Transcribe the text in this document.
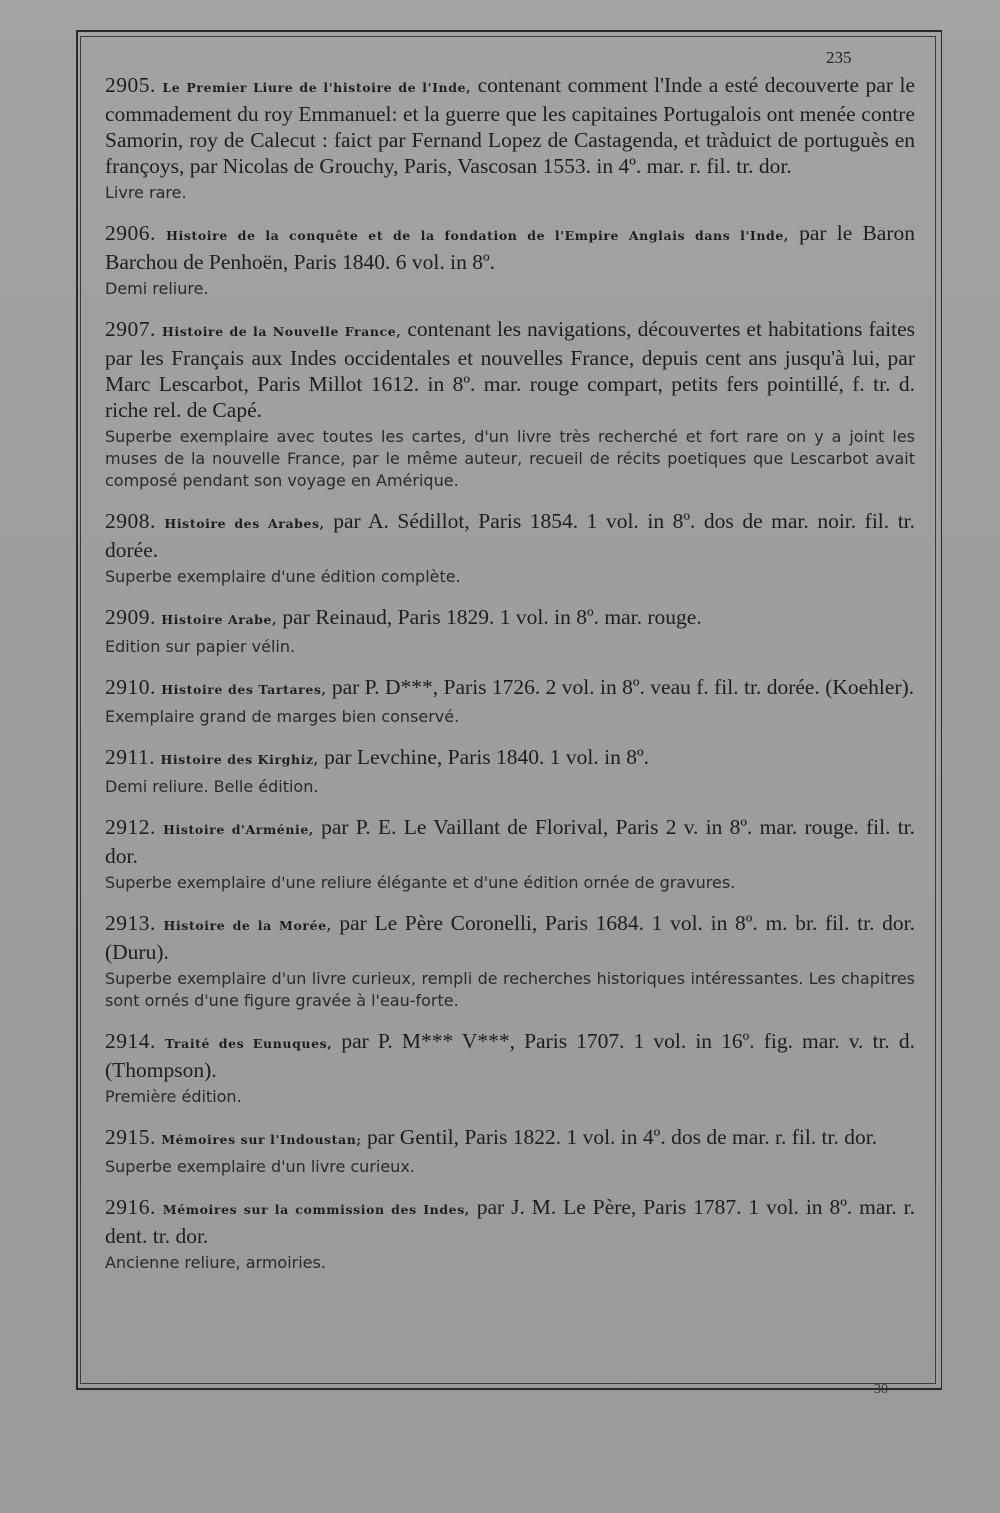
235

2905. Le Premier Liure de l'histoire de l'Inde, contenant comment l'Inde a esté decouverte par le commadement du roy Emmanuel: et la guerre que les capitaines Portugalois ont menée contre Samorin, roy de Calecut : faict par Fernand Lopez de Castagenda, et tràduict de portuguès en françoys, par Nicolas de Grouchy, Paris, Vascosan 1553. in 4º. mar. r. fil. tr. dor.

Livre rare.

2906. Histoire de la conquête et de la fondation de l'Empire Anglais dans l'Inde, par le Baron Barchou de Penhoën, Paris 1840. 6 vol. in 8º.

Demi reliure.

2907. Histoire de la Nouvelle France, contenant les navigations, découvertes et habitations faites par les Français aux Indes occidentales et nouvelles France, depuis cent ans jusqu'à lui, par Marc Lescarbot, Paris Millot 1612. in 8º. mar. rouge compart, petits fers pointillé, f. tr. d. riche rel. de Capé.

Superbe exemplaire avec toutes les cartes, d'un livre très recherché et fort rare on y a joint les muses de la nouvelle France, par le même auteur, recueil de récits poetiques que Lescarbot avait composé pendant son voyage en Amérique.

2908. Histoire des Arabes, par A. Sédillot, Paris 1854. 1 vol. in 8º. dos de mar. noir. fil. tr. dorée.

Superbe exemplaire d'une édition complète.

2909. Histoire Arabe, par Reinaud, Paris 1829. 1 vol. in 8º. mar. rouge.

Edition sur papier vélin.

2910. Histoire des Tartares, par P. D***, Paris 1726. 2 vol. in 8º. veau f. fil. tr. dorée. (Koehler).

Exemplaire grand de marges bien conservé.

2911. Histoire des Kirghiz, par Levchine, Paris 1840. 1 vol. in 8º.

Demi reliure. Belle édition.

2912. Histoire d'Arménie, par P. E. Le Vaillant de Florival, Paris 2 v. in 8º. mar. rouge. fil. tr. dor.

Superbe exemplaire d'une reliure élégante et d'une édition ornée de gravures.

2913. Histoire de la Morée, par Le Père Coronelli, Paris 1684. 1 vol. in 8º. m. br. fil. tr. dor. (Duru).

Superbe exemplaire d'un livre curieux, rempli de recherches historiques intéressantes. Les chapitres sont ornés d'une figure gravée à l'eau-forte.

2914. Traité des Eunuques, par P. M*** V***, Paris 1707. 1 vol. in 16º. fig. mar. v. tr. d. (Thompson).

Première édition.

2915. Mémoires sur l'Indoustan; par Gentil, Paris 1822. 1 vol. in 4º. dos de mar. r. fil. tr. dor.

Superbe exemplaire d'un livre curieux.

2916. Mémoires sur la commission des Indes, par J. M. Le Père, Paris 1787. 1 vol. in 8º. mar. r. dent. tr. dor.

Ancienne reliure, armoiries.

30
